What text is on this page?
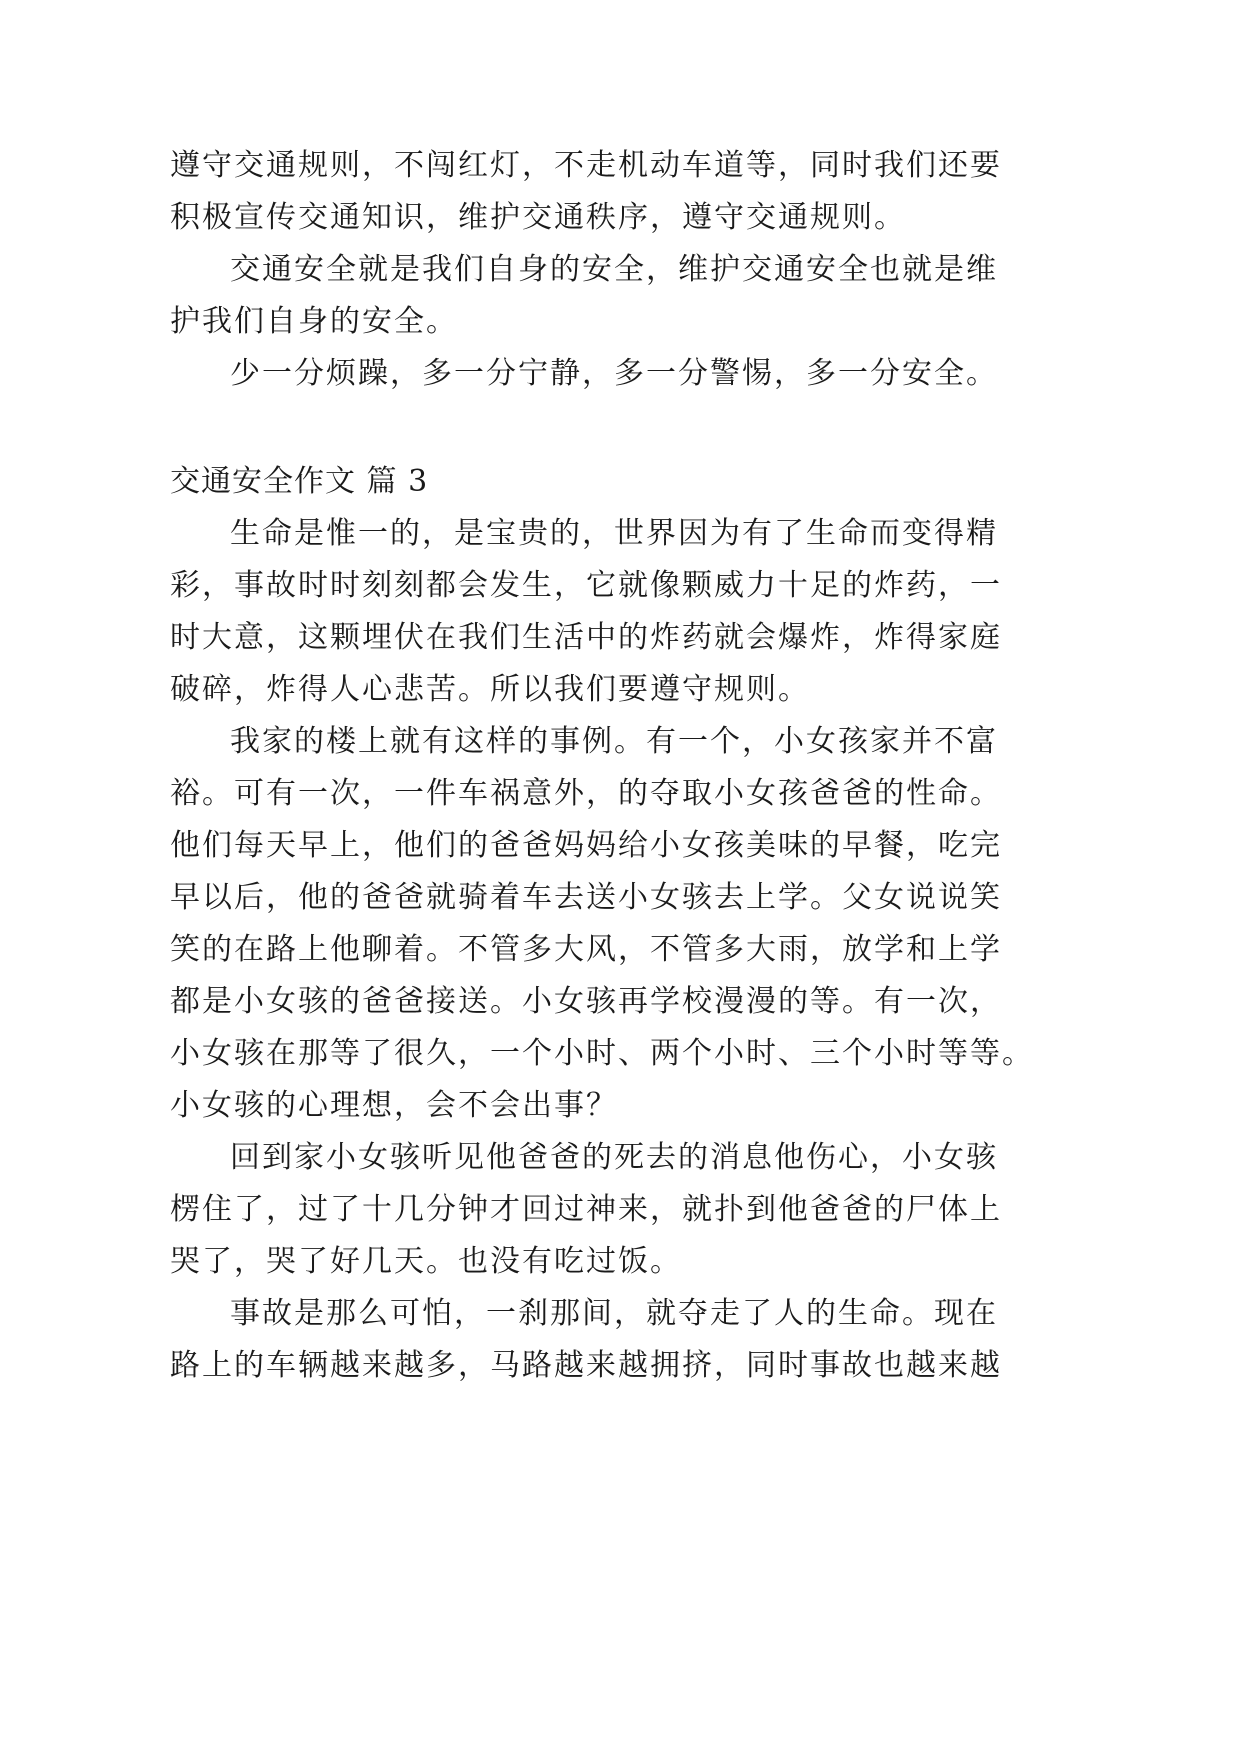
遵守交通规则，不闯红灯，不走机动车道等，同时我们还要
积极宣传交通知识，维护交通秩序，遵守交通规则。
交通安全就是我们自身的安全，维护交通安全也就是维
护我们自身的安全。
少一分烦躁，多一分宁静，多一分警惕，多一分安全。
交通安全作文 篇 3
生命是惟一的，是宝贵的，世界因为有了生命而变得精
彩，事故时时刻刻都会发生，它就像颗威力十足的炸药，一
时大意，这颗埋伏在我们生活中的炸药就会爆炸，炸得家庭
破碎，炸得人心悲苦。所以我们要遵守规则。
我家的楼上就有这样的事例。有一个，小女孩家并不富
裕。可有一次，一件车祸意外，的夺取小女孩爸爸的性命。
他们每天早上，他们的爸爸妈妈给小女孩美味的早餐，吃完
早以后，他的爸爸就骑着车去送小女骇去上学。父女说说笑
笑的在路上他聊着。不管多大风，不管多大雨，放学和上学
都是小女骇的爸爸接送。小女骇再学校漫漫的等。有一次，
小女骇在那等了很久，一个小时、两个小时、三个小时等等。
小女骇的心理想，会不会出事？
回到家小女骇听见他爸爸的死去的消息他伤心，小女骇
楞住了，过了十几分钟才回过神来，就扑到他爸爸的尸体上
哭了，哭了好几天。也没有吃过饭。
事故是那么可怕，一刹那间，就夺走了人的生命。现在
路上的车辆越来越多，马路越来越拥挤，同时事故也越来越
